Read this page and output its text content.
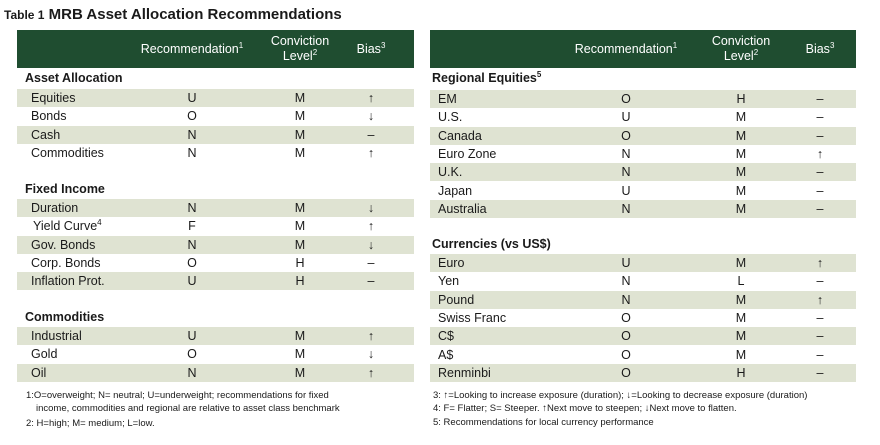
Table 1 MRB Asset Allocation Recommendations
Recommendation$^1$ Conviction
Level$^2$	Bias$^3$
Asset Allocation
Equities	U	M	↑
Bonds	O	M	↓
Cash	N	M	–
Commodities	N	M	↑
Fixed Income
Duration	N	M	↓
Yield Curve$^4$	F	M	↑
Gov. Bonds	N	M	↓
Corp. Bonds	O	H	–
Inflation Prot.	U	H	–
Commodities
Industrial	U	M	↑
Gold	O	M	↓
Oil	N	M	↑
Recommendation$^1$	Conviction
Level$^2$	Bias$^3$
Regional Equities$^5$
EM	O	H	–
U.S.	U	M	–
Canada	O	M	–
Euro Zone	N	M	↑
U.K.	N	M	–
Japan	U	M	–
Australia	N	M	–
Currencies (vs US$)
Euro	U	M	↑
Yen	N	L	–
Pound	N	M	↑
Swiss Franc	O	M	–
C$	O	M	–
A$	O	M	–
Renminbi	O	H	–
1:O=overweight; N= neutral; U=underweight; recommendations for fixed
income, commodities and regional are relative to asset class benchmark
2: H=high; M= medium; L=low.
3: ↑=Looking to increase exposure (duration); ↓=Looking to decrease exposure (duration)
4: F= Flatter; S= Steeper. ↑Next move to steepen; ↓Next move to flatten.
5: Recommendations for local currency performance
